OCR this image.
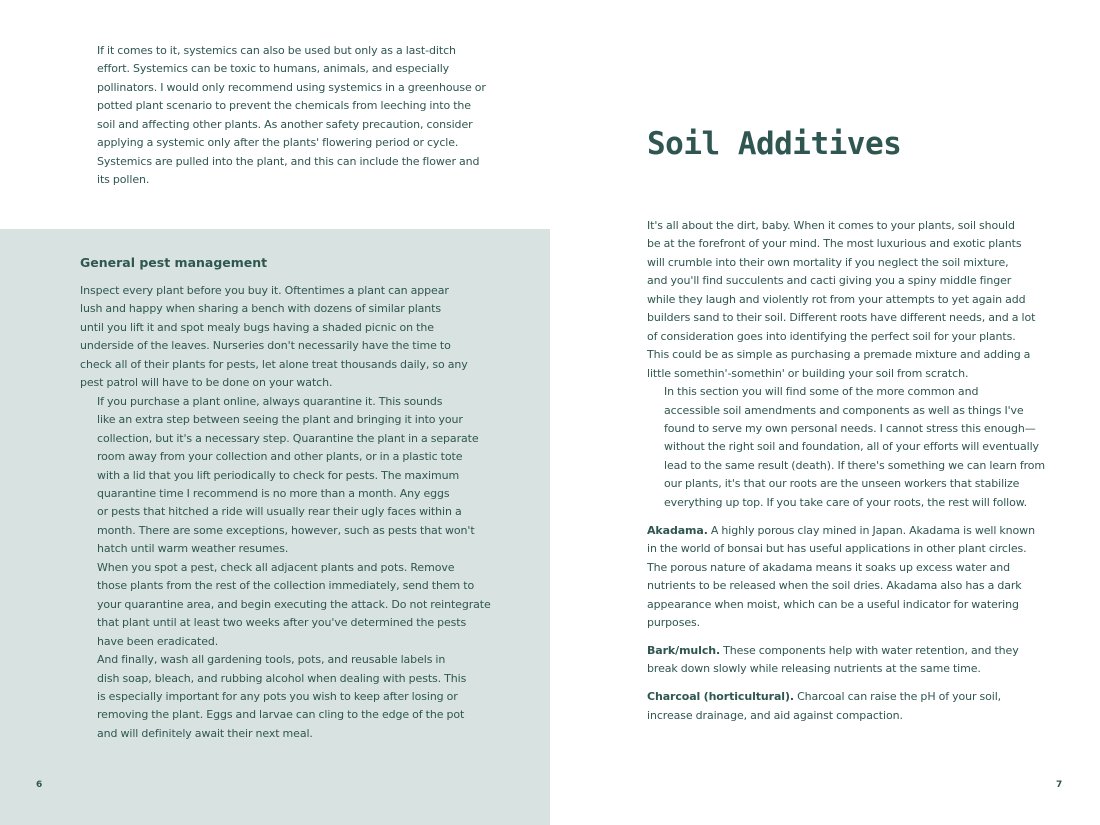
If it comes to it, systemics can also be used but only as a last-ditch
effort. Systemics can be toxic to humans, animals, and especially
pollinators. I would only recommend using systemics in a greenhouse or
potted plant scenario to prevent the chemicals from leeching into the
soil and affecting other plants. As another safety precaution, consider
applying a systemic only after the plants' flowering period or cycle.
Systemics are pulled into the plant, and this can include the flower and
its pollen.

General pest management

Inspect every plant before you buy it. Oftentimes a plant can appear
lush and happy when sharing a bench with dozens of similar plants
until you lift it and spot mealy bugs having a shaded picnic on the
underside of the leaves. Nurseries don't necessarily have the time to
check all of their plants for pests, let alone treat thousands daily, so any
pest patrol will have to be done on your watch.

If you purchase a plant online, always quarantine it. This sounds
like an extra step between seeing the plant and bringing it into your
collection, but it's a necessary step. Quarantine the plant in a separate
room away from your collection and other plants, or in a plastic tote
with a lid that you lift periodically to check for pests. The maximum
quarantine time I recommend is no more than a month. Any eggs
or pests that hitched a ride will usually rear their ugly faces within a
month. There are some exceptions, however, such as pests that won't
hatch until warm weather resumes.

When you spot a pest, check all adjacent plants and pots. Remove
those plants from the rest of the collection immediately, send them to
your quarantine area, and begin executing the attack. Do not reintegrate
that plant until at least two weeks after you've determined the pests
have been eradicated.

And finally, wash all gardening tools, pots, and reusable labels in
dish soap, bleach, and rubbing alcohol when dealing with pests. This
is especially important for any pots you wish to keep after losing or
removing the plant. Eggs and larvae can cling to the edge of the pot
and will definitely await their next meal.

6
Soil Additives

It's all about the dirt, baby. When it comes to your plants, soil should
be at the forefront of your mind. The most luxurious and exotic plants
will crumble into their own mortality if you neglect the soil mixture,
and you'll find succulents and cacti giving you a spiny middle finger
while they laugh and violently rot from your attempts to yet again add
builders sand to their soil. Different roots have different needs, and a lot
of consideration goes into identifying the perfect soil for your plants.
This could be as simple as purchasing a premade mixture and adding a
little somethin'-somethin' or building your soil from scratch.

In this section you will find some of the more common and
accessible soil amendments and components as well as things I've
found to serve my own personal needs. I cannot stress this enough—
without the right soil and foundation, all of your efforts will eventually
lead to the same result (death). If there's something we can learn from
our plants, it's that our roots are the unseen workers that stabilize
everything up top. If you take care of your roots, the rest will follow.

Akadama. A highly porous clay mined in Japan. Akadama is well known
in the world of bonsai but has useful applications in other plant circles.
The porous nature of akadama means it soaks up excess water and
nutrients to be released when the soil dries. Akadama also has a dark
appearance when moist, which can be a useful indicator for watering
purposes.

Bark/mulch. These components help with water retention, and they
break down slowly while releasing nutrients at the same time.

Charcoal (horticultural). Charcoal can raise the pH of your soil,
increase drainage, and aid against compaction.

7
